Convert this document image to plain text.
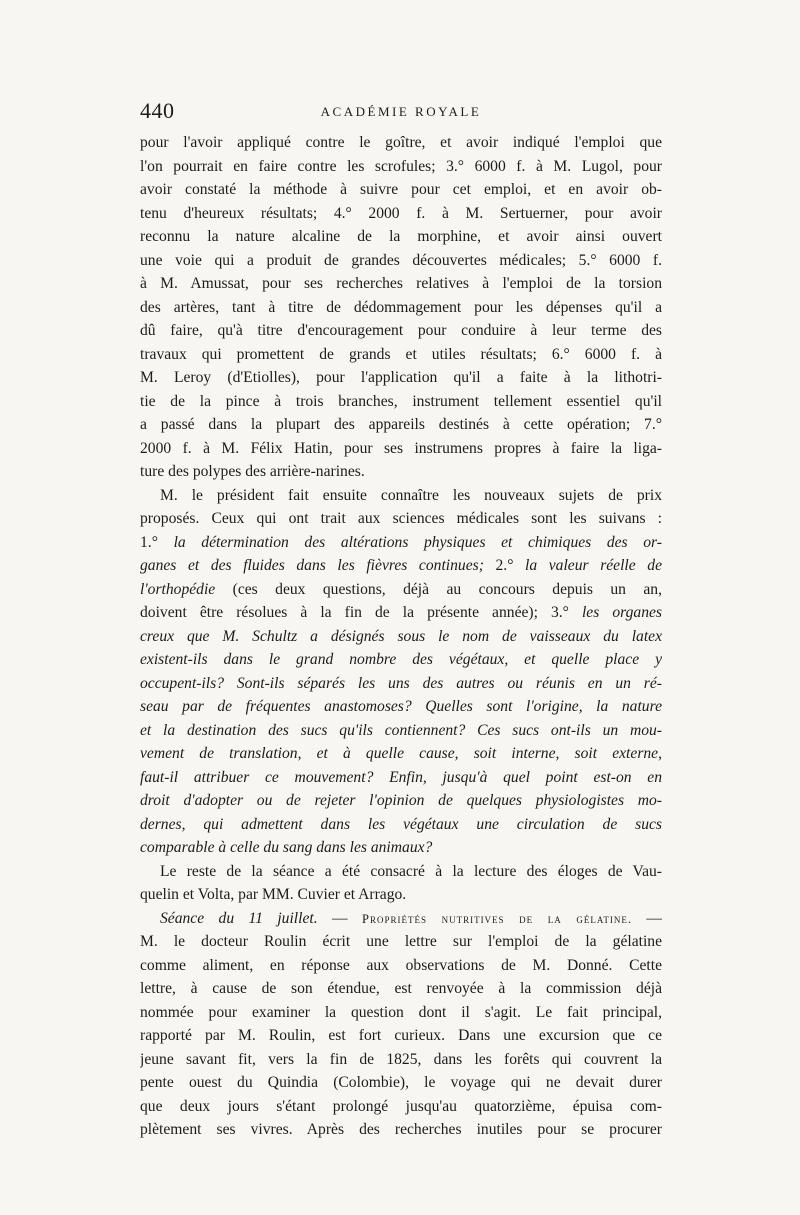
440	ACADÉMIE ROYALE
pour l'avoir appliqué contre le goître, et avoir indiqué l'emploi que
l'on pourrait en faire contre les scrofules; 3.° 6000 f. à M. Lugol, pour
avoir constaté la méthode à suivre pour cet emploi, et en avoir ob-
tenu d'heureux résultats; 4.° 2000 f. à M. Sertuerner, pour avoir
reconnu la nature alcaline de la morphine, et avoir ainsi ouvert
une voie qui a produit de grandes découvertes médicales; 5.° 6000 f.
à M. Amussat, pour ses recherches relatives à l'emploi de la torsion
des artères, tant à titre de dédommagement pour les dépenses qu'il a
dû faire, qu'à titre d'encouragement pour conduire à leur terme des
travaux qui promettent de grands et utiles résultats; 6.° 6000 f. à
M. Leroy (d'Etiolles), pour l'application qu'il a faite à la lithotri-
tie de la pince à trois branches, instrument tellement essentiel qu'il
a passé dans la plupart des appareils destinés à cette opération; 7.°
2000 f. à M. Félix Hatin, pour ses instrumens propres à faire la liga-
ture des polypes des arrière-narines.
M. le président fait ensuite connaître les nouveaux sujets de prix
proposés. Ceux qui ont trait aux sciences médicales sont les suivans :
1.° la détermination des altérations physiques et chimiques des or-
ganes et des fluides dans les fièvres continues; 2.° la valeur réelle de
l'orthopédie (ces deux questions, déjà au concours depuis un an,
doivent être résolues à la fin de la présente année); 3.° les organes
creux que M. Schultz a désignés sous le nom de vaisseaux du latex
existent-ils dans le grand nombre des végétaux, et quelle place y
occupent-ils? Sont-ils séparés les uns des autres ou réunis en un ré-
seau par de fréquentes anastomoses? Quelles sont l'origine, la nature
et la destination des sucs qu'ils contiennent? Ces sucs ont-ils un mou-
vement de translation, et à quelle cause, soit interne, soit externe,
faut-il attribuer ce mouvement? Enfin, jusqu'à quel point est-on en
droit d'adopter ou de rejeter l'opinion de quelques physiologistes mo-
dernes, qui admettent dans les végétaux une circulation de sucs
comparable à celle du sang dans les animaux?
Le reste de la séance a été consacré à la lecture des éloges de Vau-
quelin et Volta, par MM. Cuvier et Arrago.
Séance du 11 juillet. — Propriétés nutritives de la gélatine. —
M. le docteur Roulin écrit une lettre sur l'emploi de la gélatine
comme aliment, en réponse aux observations de M. Donné. Cette
lettre, à cause de son étendue, est renvoyée à la commission déjà
nommée pour examiner la question dont il s'agit. Le fait principal,
rapporté par M. Roulin, est fort curieux. Dans une excursion que ce
jeune savant fit, vers la fin de 1825, dans les forêts qui couvrent la
pente ouest du Quindia (Colombie), le voyage qui ne devait durer
que deux jours s'étant prolongé jusqu'au quatorzième, épuisa com-
plètement ses vivres. Après des recherches inutiles pour se procurer
